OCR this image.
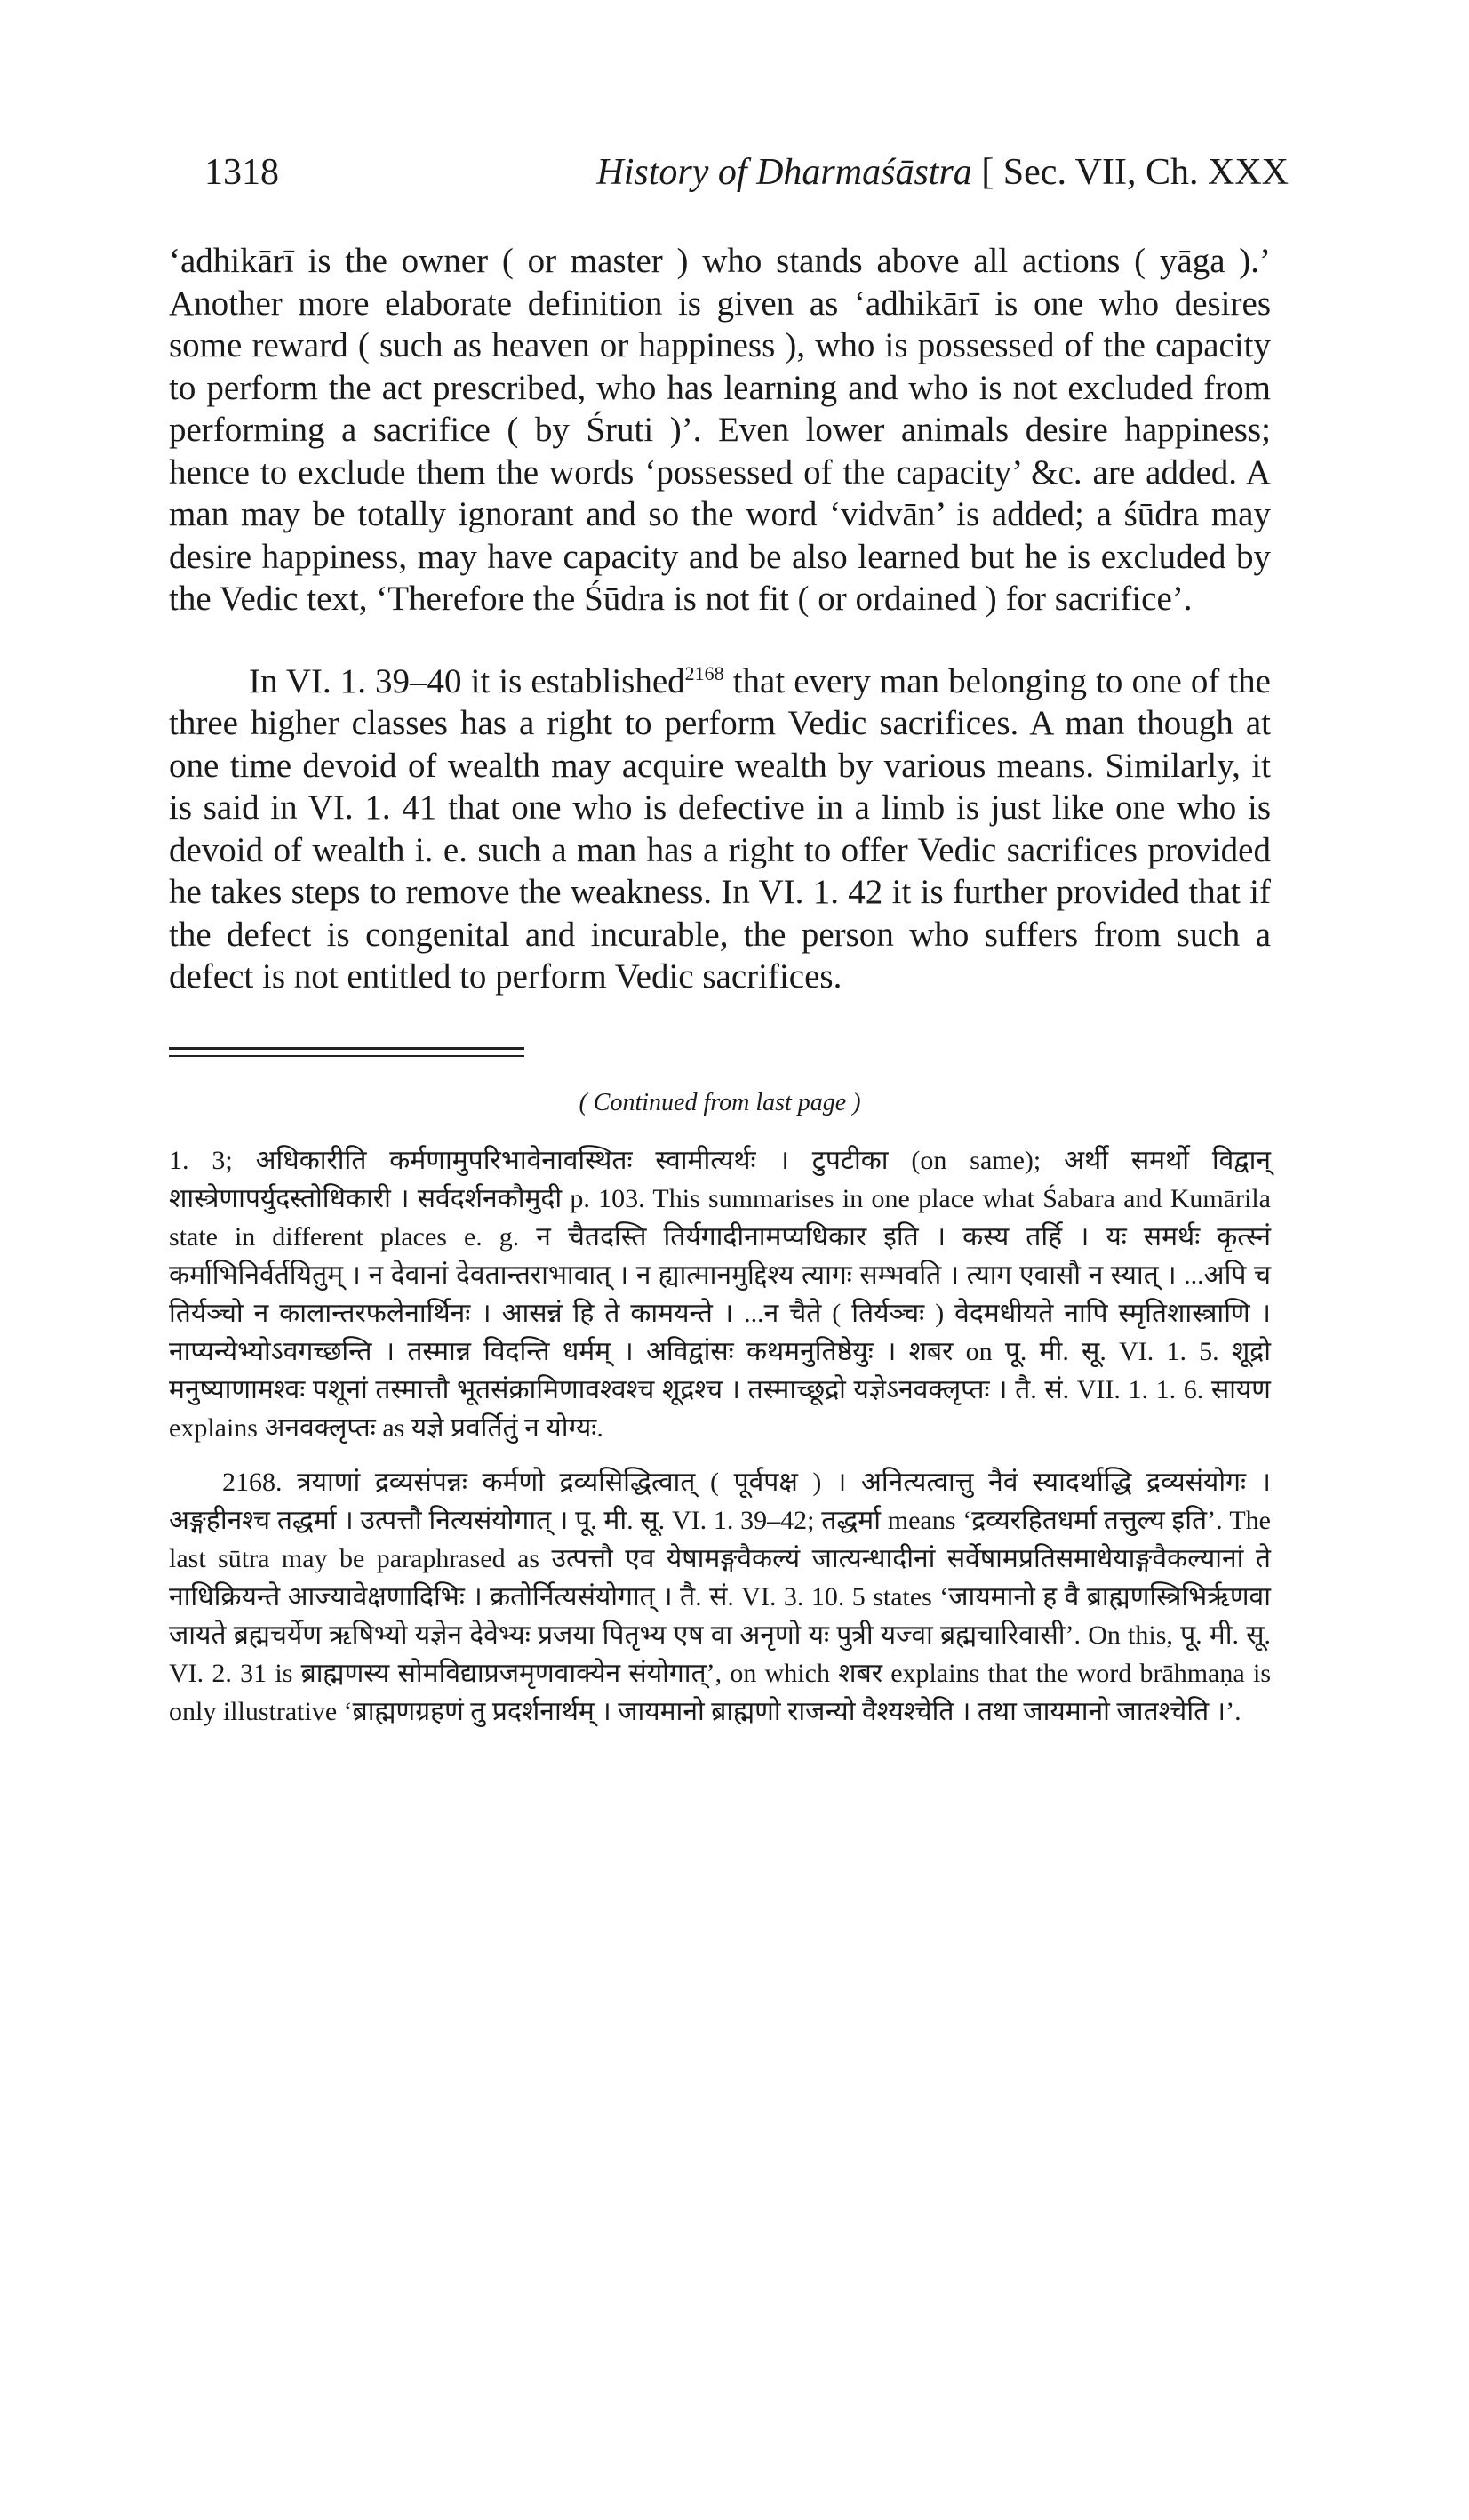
1318	History of Dharmaśāstra [ Sec. VII, Ch. XXX

‘adhikārī is the owner ( or master ) who stands above all actions ( yāga ).’ Another more elaborate definition is given as ‘adhikārī is one who desires some reward ( such as heaven or happiness ), who is possessed of the capacity to perform the act prescribed, who has learning and who is not excluded from performing a sacrifice ( by Śruti )’. Even lower animals desire happiness; hence to exclude them the words ‘possessed of the capacity’ &c. are added. A man may be totally ignorant and so the word ‘vidvān’ is added; a śūdra may desire happiness, may have capacity and be also learned but he is excluded by the Vedic text, ‘Therefore the Śūdra is not fit ( or ordained ) for sacrifice’.

In VI. 1. 39–40 it is established$^{2168}$ that every man belonging to one of the three higher classes has a right to perform Vedic sacrifices. A man though at one time devoid of wealth may acquire wealth by various means. Similarly, it is said in VI. 1. 41 that one who is defective in a limb is just like one who is devoid of wealth i. e. such a man has a right to offer Vedic sacrifices provided he takes steps to remove the weakness. In VI. 1. 42 it is further provided that if the defect is congenital and incurable, the person who suffers from such a defect is not entitled to perform Vedic sacrifices.

( Continued from last page )

1. 3; अधिकारीति कर्मणामुपरिभावेनावस्थितः स्वामीत्यर्थः । टुपटीका (on same); अर्थी समर्थो विद्वान् शास्त्रेणापर्युदस्तोधिकारी । सर्वदर्शनकौमुदी p. 103. This summarises in one place what Śabara and Kumārila state in different places e. g. न चैतदस्ति तिर्यगादीनामप्यधिकार इति । कस्य तर्हि । यः समर्थः कृत्स्नं कर्माभिनिर्वर्तयितुम् । न देवानां देवतान्तराभावात् । न ह्यात्मानमुद्दिश्य त्यागः सम्भवति । त्याग एवासौ न स्यात् । ...अपि च तिर्यञ्चो न कालान्तरफलेनार्थिनः । आसन्नं हि ते कामयन्ते । ...न चैते ( तिर्यञ्चः ) वेदमधीयते नापि स्मृतिशास्त्राणि । नाप्यन्येभ्योऽवगच्छन्ति । तस्मान्न विदन्ति धर्मम् । अविद्वांसः कथमनुतिष्ठेयुः । शबर on पू. मी. सू. VI. 1. 5. शूद्रो मनुष्याणामश्वः पशूनां तस्मात्तौ भूतसंक्रामिणावश्वश्च शूद्रश्च । तस्माच्छूद्रो यज्ञेऽनवक्लृप्तः । तै. सं. VII. 1. 1. 6. सायण explains अनवक्लृप्तः as यज्ञे प्रवर्तितुं न योग्यः.

2168. त्रयाणां द्रव्यसंपन्नः कर्मणो द्रव्यसिद्धित्वात् ( पूर्वपक्ष ) । अनित्यत्वात्तु नैवं स्यादर्थाद्धि द्रव्यसंयोगः । अङ्गहीनश्च तद्धर्मा । उत्पत्तौ नित्यसंयोगात् । पू. मी. सू. VI. 1. 39–42; तद्धर्मा means ‘द्रव्यरहितधर्मा तत्तुल्य इति’. The last sūtra may be paraphrased as उत्पत्तौ एव येषामङ्गवैकल्यं जात्यन्धादीनां सर्वेषामप्रतिसमाधेयाङ्गवैकल्यानां ते नाधिक्रियन्ते आज्यावेक्षणादिभिः । क्रतोर्नित्यसंयोगात् । तै. सं. VI. 3. 10. 5 states ‘जायमानो ह वै ब्राह्मणस्त्रिभिर्ऋणवा जायते ब्रह्मचर्येण ऋषिभ्यो यज्ञेन देवेभ्यः प्रजया पितृभ्य एष वा अनृणो यः पुत्री यज्वा ब्रह्मचारिवासी’. On this, पू. मी. सू. VI. 2. 31 is ब्राह्मणस्य सोमविद्याप्रजमृणवाक्येन संयोगात्’, on which शबर explains that the word brāhmaṇa is only illustrative ‘ब्राह्मणग्रहणं तु प्रदर्शनार्थम् । जायमानो ब्राह्मणो राजन्यो वैश्यश्चेति । तथा जायमानो जातश्चेति ।’.
